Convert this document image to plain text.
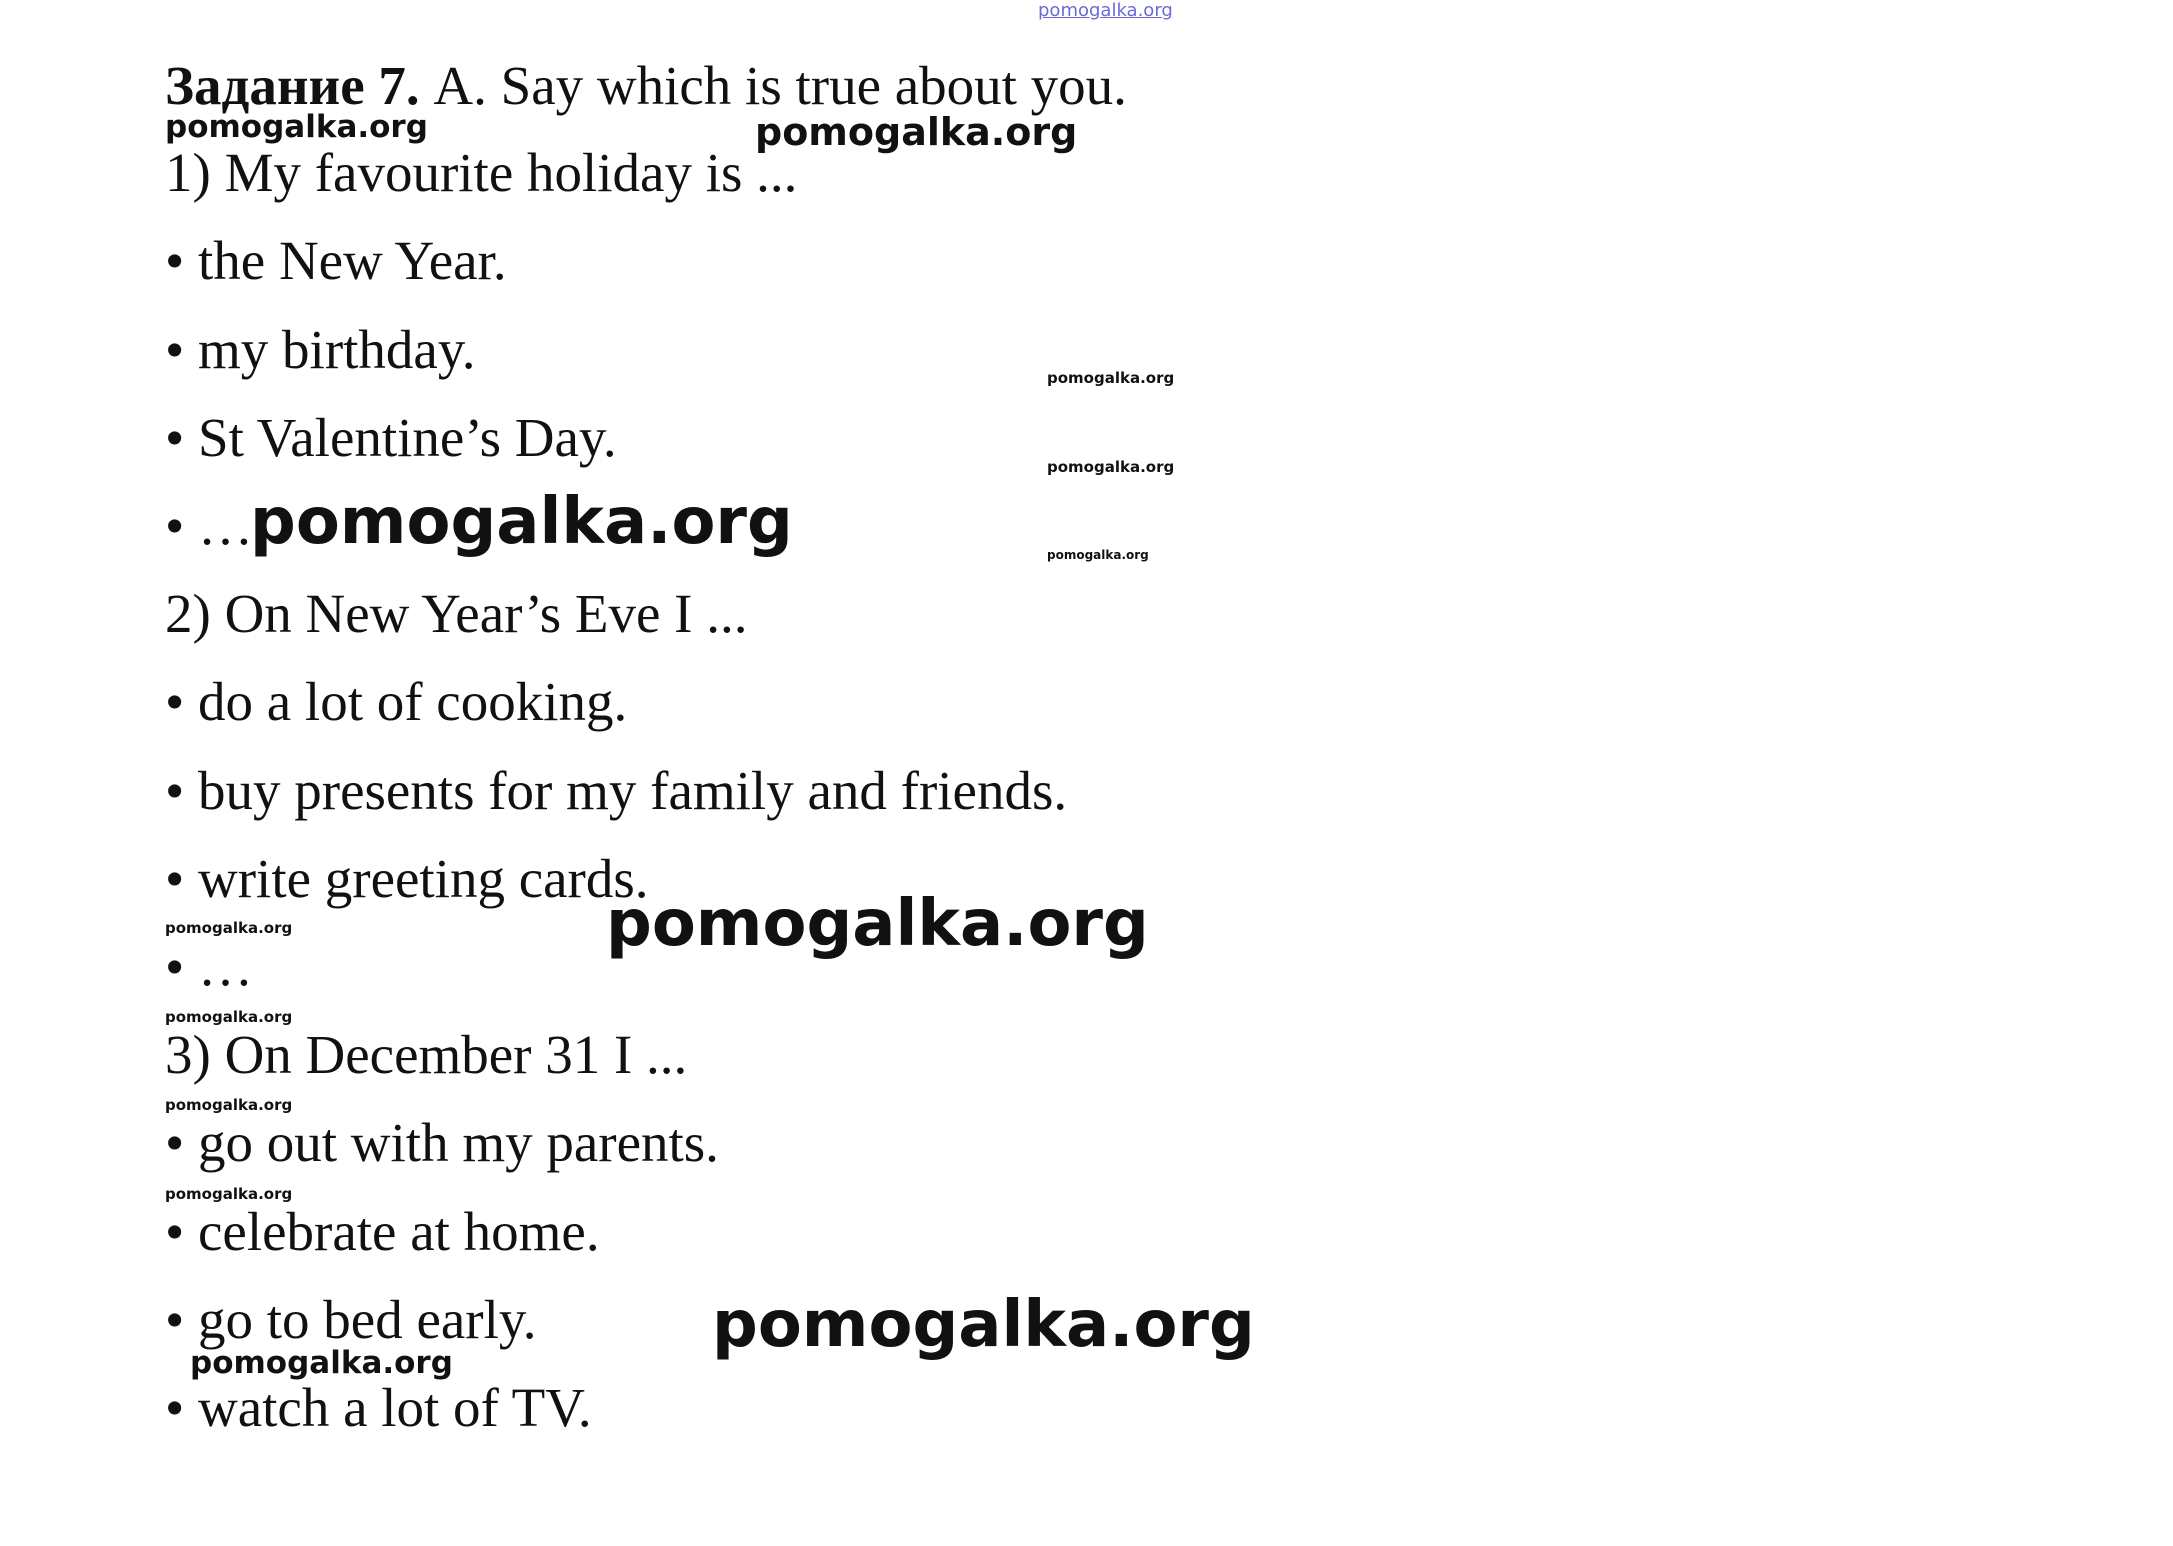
pomogalka.org
Задание 7. A. Say which is true about you.
1) My favourite holiday is ...
• the New Year.
• my birthday.
• St Valentine’s Day.
• …
2) On New Year’s Eve I ...
• do a lot of cooking.
• buy presents for my family and friends.
• write greeting cards.
• …
3) On December 31 I ...
• go out with my parents.
• celebrate at home.
• go to bed early.
• watch a lot of TV.
pomogalka.org	pomogalka.org
pomogalka.org
pomogalka.org
pomogalka.org	pomogalka.org
pomogalka.org
pomogalka.org
pomogalka.org
pomogalka.org
pomogalka.org
pomogalka.org
pomogalka.org
